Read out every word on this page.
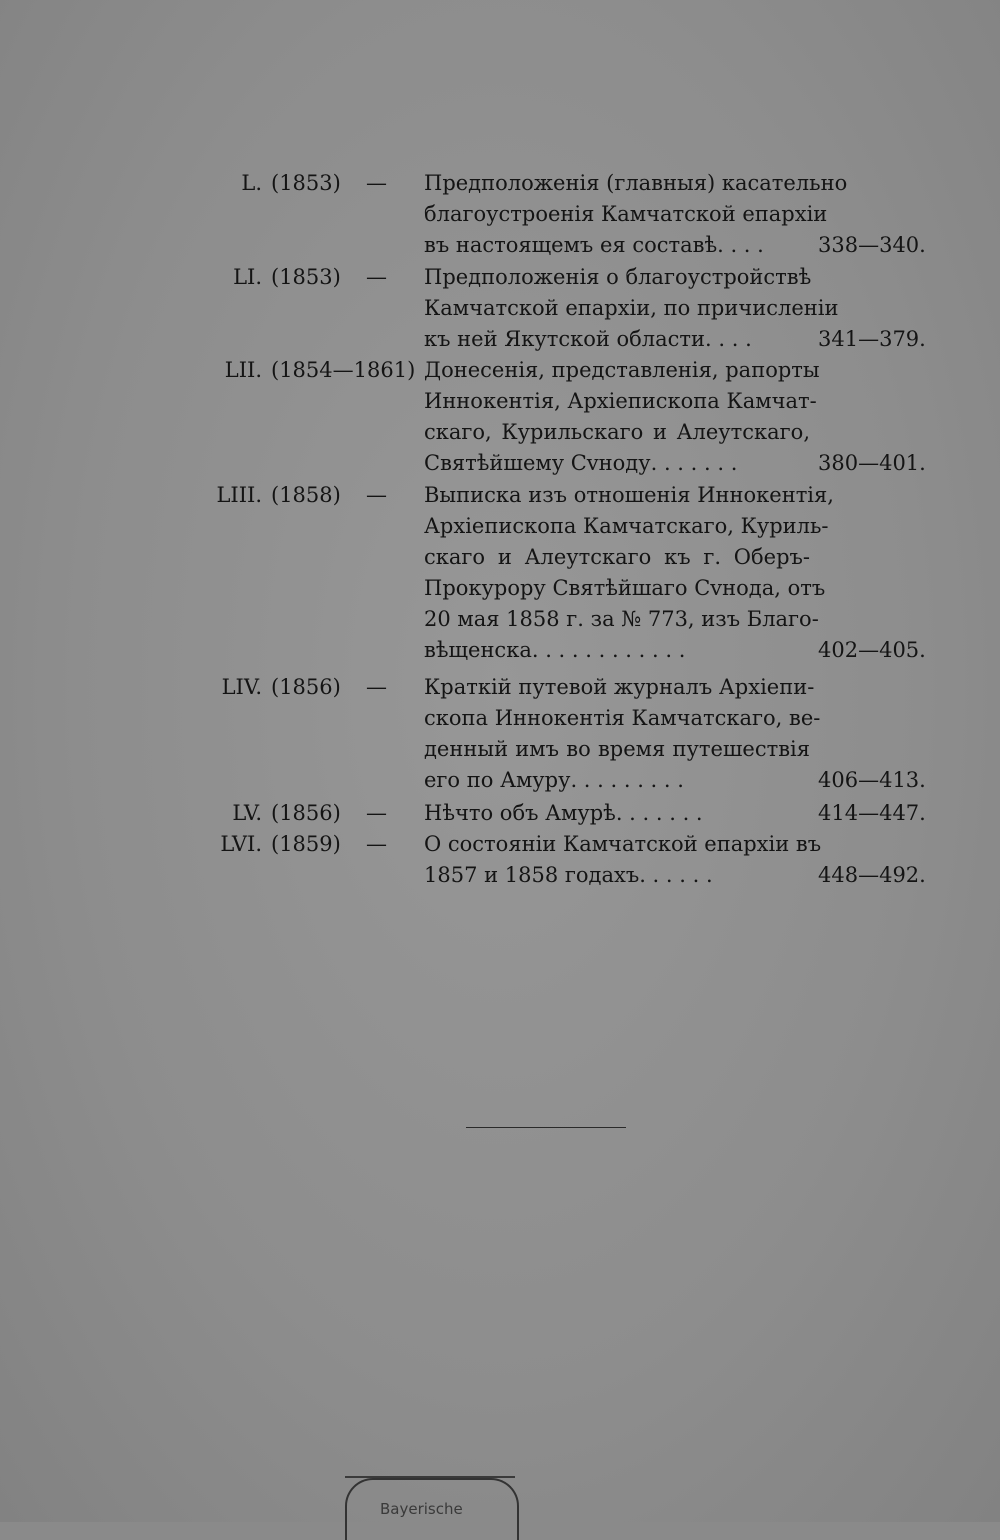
L. (1853) — Предположенія (главныя) касательно
благоустроенія Камчатской епархіи
въ настоящемъ ея составѣ. . . .	338—340.
LI. (1853) — Предположенія о благоустройствѣ
Камчатской епархіи, по причисленіи
къ ней Якутской области. . . .	341—379.
LII. (1854—1861) Донесенія, представленія, рапорты
Иннокентія, Архіепископа Камчат-
скаго, Курильскаго и Алеутскаго,
Святѣйшему Сvноду. . . . . . .	380—401.
LIII. (1858) — Выписка изъ отношенія Иннокентія,
Архіепископа Камчатскаго, Куриль-
скаго и Алеутскаго къ г. Оберъ-
Прокурору Святѣйшаго Сvнода, отъ
20 мая 1858 г. за № 773, изъ Благо-
вѣщенска. . . . . . . . . . . .	402—405.
LIV. (1856) — Краткій путевой журналъ Архіепи-
скопа Иннокентія Камчатскаго, ве-
денный имъ во время путешествія
его по Амуру. . . . . . . . .	406—413.
LV. (1856) — Нѣчто объ Амурѣ. . . . . . .	414—447.
LVI. (1859) — О состояніи Камчатской епархіи въ
1857 и 1858 годахъ. . . . . .	448—492.
Bayerische
